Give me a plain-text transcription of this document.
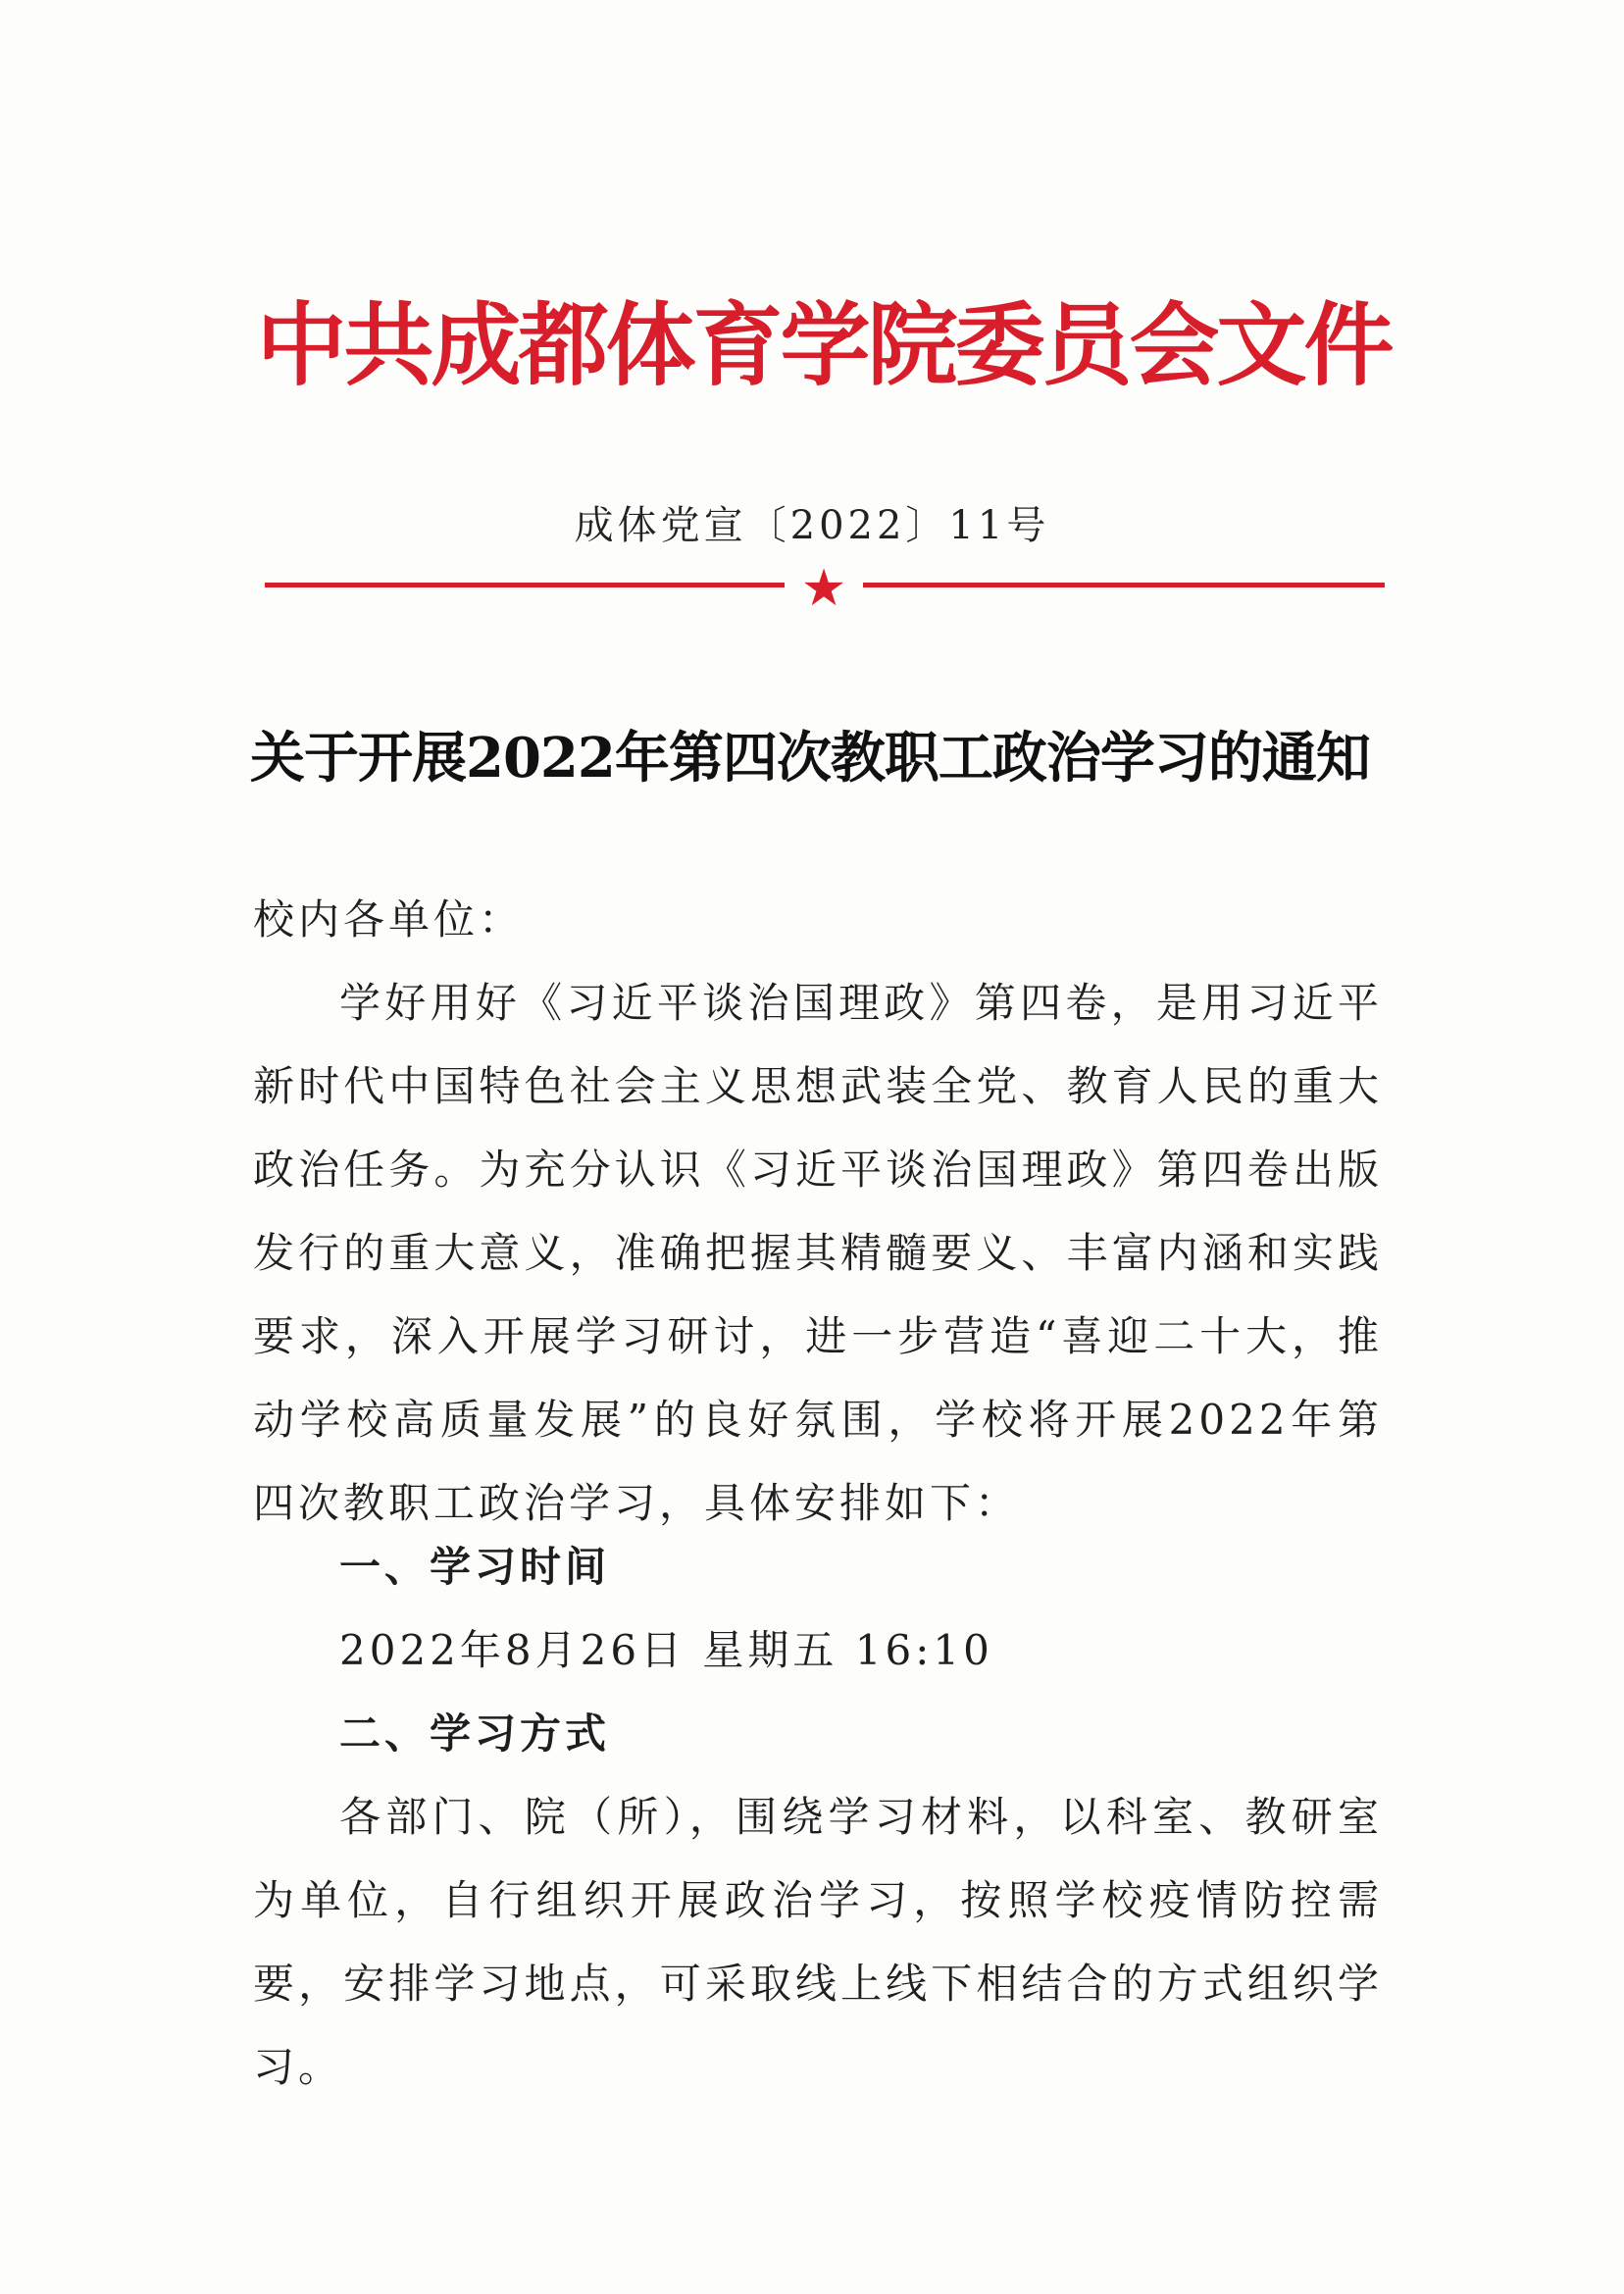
中共成都体育学院委员会文件
成体党宣〔2022〕11号
★
关于开展2022年第四次教职工政治学习的通知
校内各单位：
学好用好《习近平谈治国理政》第四卷，是用习近平新时代中国特色社会主义思想武装全党、教育人民的重大政治任务。为充分认识《习近平谈治国理政》第四卷出版发行的重大意义，准确把握其精髓要义、丰富内涵和实践要求，深入开展学习研讨，进一步营造“喜迎二十大，推动学校高质量发展”的良好氛围，学校将开展2022年第四次教职工政治学习，具体安排如下：
一、学习时间
2022年8月26日 星期五 16:10
二、学习方式
各部门、院（所），围绕学习材料，以科室、教研室为单位，自行组织开展政治学习，按照学校疫情防控需要，安排学习地点，可采取线上线下相结合的方式组织学习。
